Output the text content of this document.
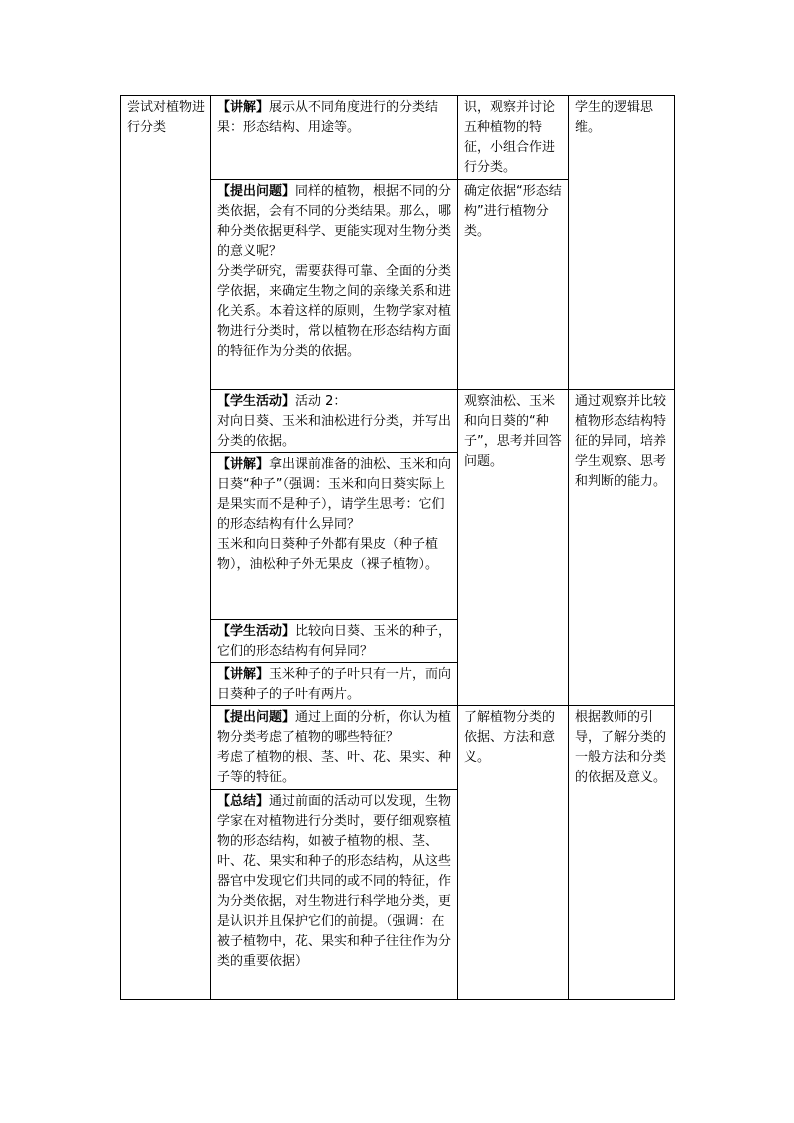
尝试对植物进行分类	【讲解】展示从不同角度进行的分类结果：形态结构、用途等。	识，观察并讨论五种植物的特征，小组合作进行分类。	学生的逻辑思维。
	【提出问题】同样的植物，根据不同的分类依据，会有不同的分类结果。那么，哪种分类依据更科学、更能实现对生物分类的意义呢？
分类学研究，需要获得可靠、全面的分类学依据，来确定生物之间的亲缘关系和进化关系。本着这样的原则，生物学家对植物进行分类时，常以植物在形态结构方面的特征作为分类的依据。	确定依据“形态结构”进行植物分类。	
	【学生活动】活动 2：
对向日葵、玉米和油松进行分类，并写出分类的依据。	观察油松、玉米和向日葵的“种子”，思考并回答问题。	通过观察并比较植物形态结构特征的异同，培养学生观察、思考和判断的能力。
	【讲解】拿出课前准备的油松、玉米和向日葵“种子”（强调：玉米和向日葵实际上是果实而不是种子），请学生思考：它们的形态结构有什么异同？
玉米和向日葵种子外都有果皮（种子植物），油松种子外无果皮（裸子植物）。		

	【学生活动】比较向日葵、玉米的种子，它们的形态结构有何异同？		
	【讲解】玉米种子的子叶只有一片，而向日葵种子的子叶有两片。		
	【提出问题】通过上面的分析，你认为植物分类考虑了植物的哪些特征？
考虑了植物的根、茎、叶、花、果实、种子等的特征。	了解植物分类的依据、方法和意义。	根据教师的引导，了解分类的一般方法和分类的依据及意义。
	【总结】通过前面的活动可以发现，生物学家在对植物进行分类时，要仔细观察植物的形态结构，如被子植物的根、茎、叶、花、果实和种子的形态结构，从这些器官中发现它们共同的或不同的特征，作为分类依据，对生物进行科学地分类，更是认识并且保护它们的前提。（强调：在被子植物中，花、果实和种子往往作为分类的重要依据）		
